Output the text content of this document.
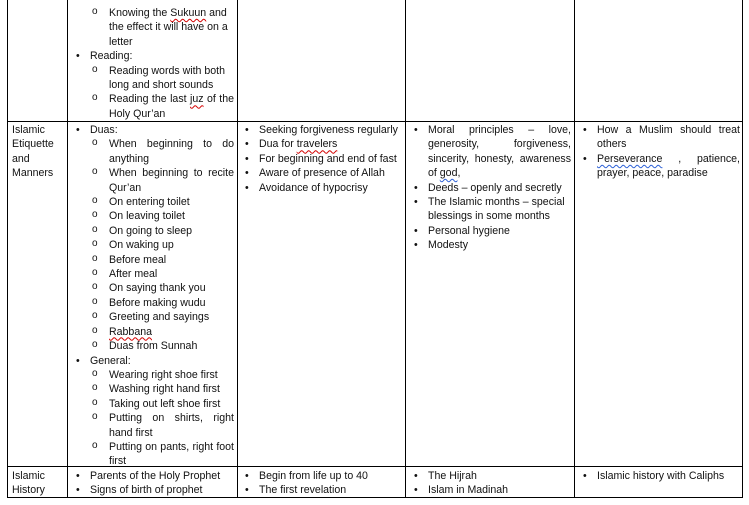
o Knowing the Sukuun and the effect it will have on a letter
• Reading:
o Reading words with both long and short sounds
o Reading the last juz of the Holy Qur’an
Islamic Etiquette and Manners
• Duas:
o When beginning to do anything
o When beginning to recite Qur’an
o On entering toilet
o On leaving toilet
o On going to sleep
o On waking up
o Before meal
o After meal
o On saying thank you
o Before making wudu
o Greeting and sayings
o Rabbana
o Duas from Sunnah
• General:
o Wearing right shoe first
o Washing right hand first
o Taking out left shoe first
o Putting on shirts, right hand first
o Putting on pants, right foot first
• Seeking forgiveness regularly
• Dua for travelers
• For beginning and end of fast
• Aware of presence of Allah
• Avoidance of hypocrisy
• Moral principles – love, generosity, forgiveness, sincerity, honesty, awareness of god,
• Deeds – openly and secretly
• The Islamic months – special blessings in some months
• Personal hygiene
• Modesty
• How a Muslim should treat others
• Perseverance , patience, prayer, peace, paradise
Islamic History
• Parents of the Holy Prophet
• Signs of birth of prophet
• Begin from life up to 40
• The first revelation
• The Hijrah
• Islam in Madinah
• Islamic history with Caliphs
